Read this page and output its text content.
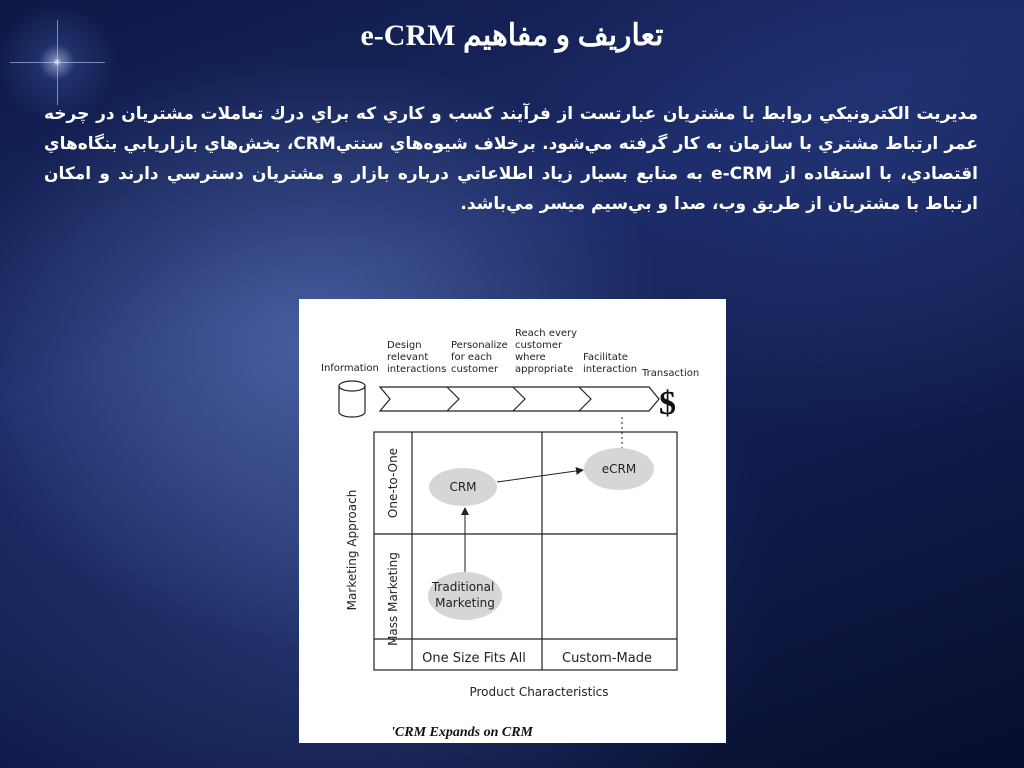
تعاريف و مفاهيم e-CRM
مديريت الكترونيكي روابط با مشتريان عبارتست از فرآيند كسب و كاري كه براي درك تعاملات مشتريان در چرخه عمر ارتباط مشتري با سازمان به كار گرفته مي‌شود. برخلاف شيوه‌هاي سنتيCRM، بخش‌هاي بازاريابي بنگاه‌هاي اقتصادي، با استفاده از e-CRM به منابع بسيار زياد اطلاعاتي درباره بازار و مشتريان دسترسي دارند و امكان ارتباط با مشتريان از طريق وب، صدا و بي‌سيم ميسر مي‌باشد.
Information
Design relevant interactions
Personalize for each customer
Reach every customer where appropriate
Facilitate interaction Transaction
$
One-to-One
Mass Marketing
Marketing Approach
One Size Fits All	Custom-Made
Product Characteristics
CRM
eCRM
Traditional Marketing
'CRM Expands on CRM
